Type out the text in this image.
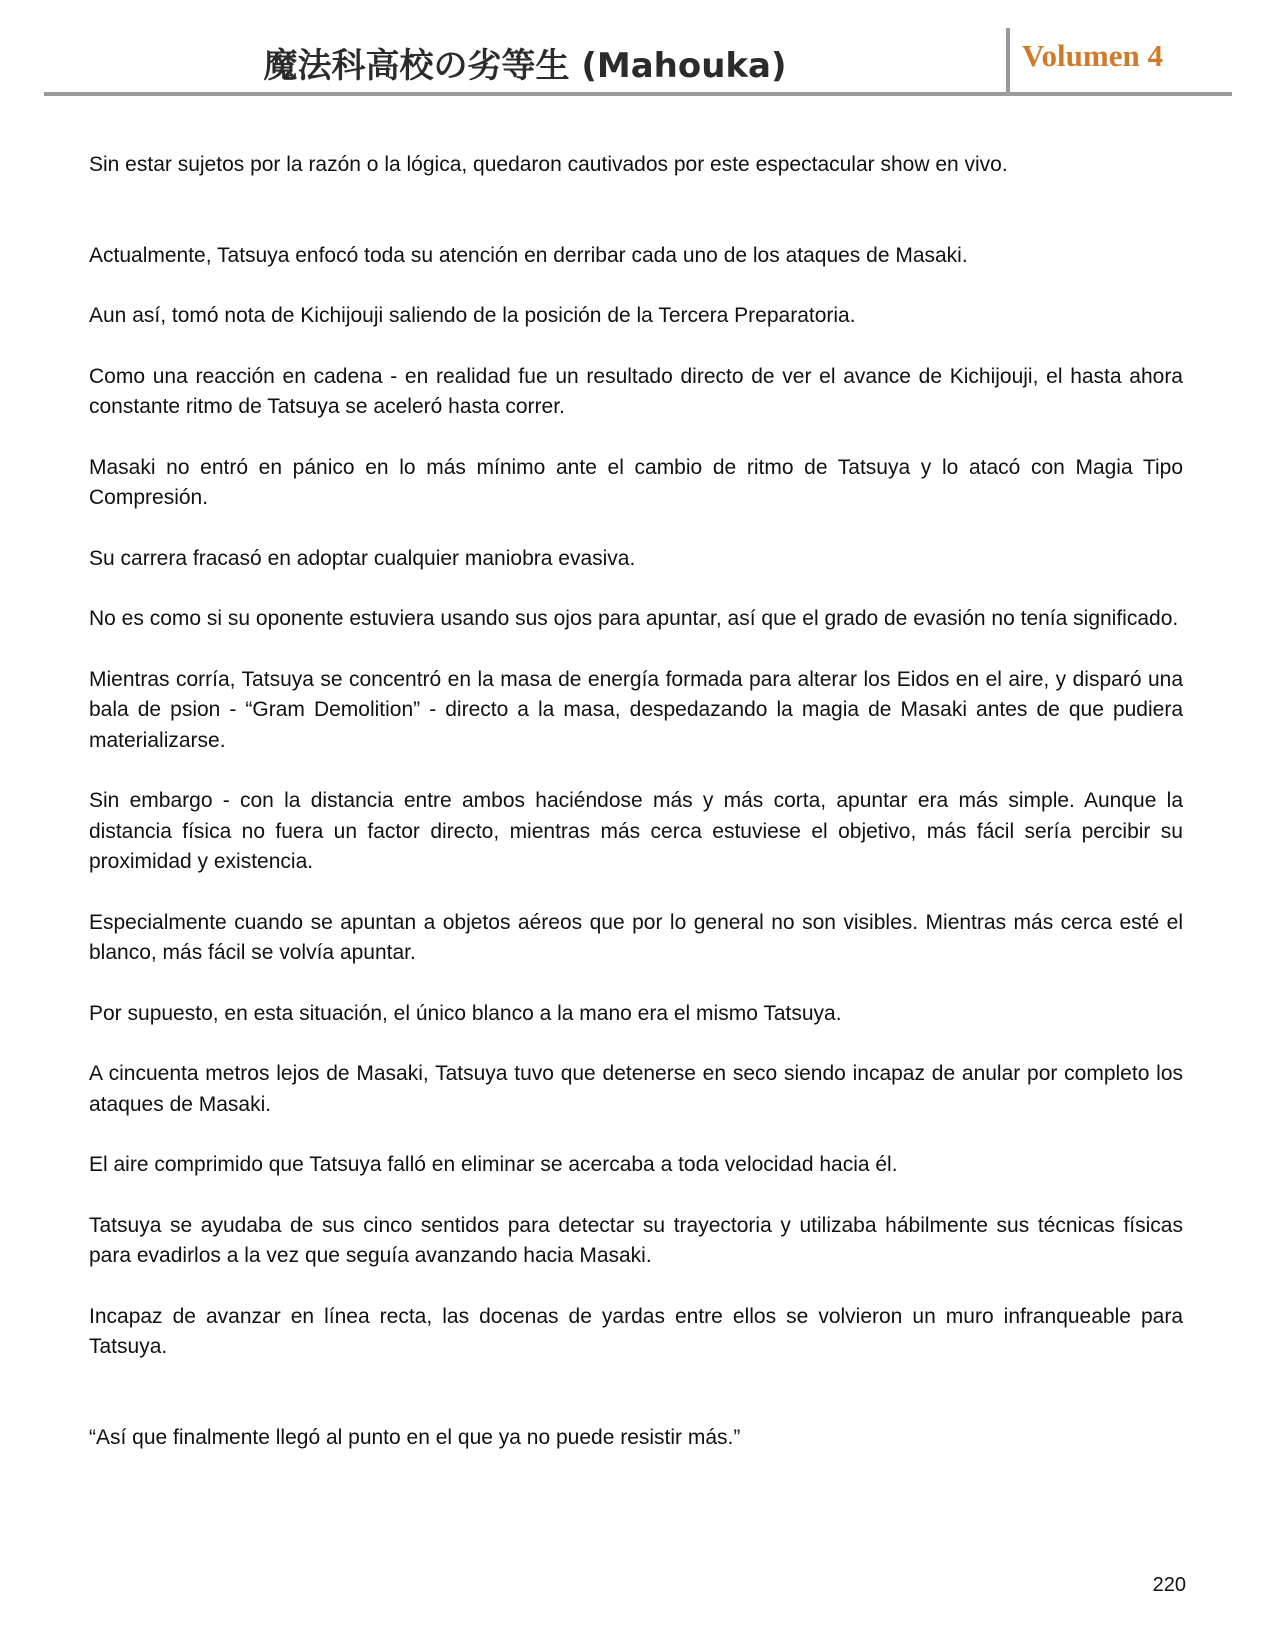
魔法科高校の劣等生 (Mahouka)	Volumen 4

Sin estar sujetos por la razón o la lógica, quedaron cautivados por este espectacular show en vivo.

Actualmente, Tatsuya enfocó toda su atención en derribar cada uno de los ataques de Masaki.

Aun así, tomó nota de Kichijouji saliendo de la posición de la Tercera Preparatoria.

Como una reacción en cadena - en realidad fue un resultado directo de ver el avance de Kichijouji, el hasta ahora constante ritmo de Tatsuya se aceleró hasta correr.

Masaki no entró en pánico en lo más mínimo ante el cambio de ritmo de Tatsuya y lo atacó con Magia Tipo Compresión.

Su carrera fracasó en adoptar cualquier maniobra evasiva.

No es como si su oponente estuviera usando sus ojos para apuntar, así que el grado de evasión no tenía significado.

Mientras corría, Tatsuya se concentró en la masa de energía formada para alterar los Eidos en el aire, y disparó una bala de psion - “Gram Demolition” - directo a la masa, despedazando la magia de Masaki antes de que pudiera materializarse.

Sin embargo - con la distancia entre ambos haciéndose más y más corta, apuntar era más simple. Aunque la distancia física no fuera un factor directo, mientras más cerca estuviese el objetivo, más fácil sería percibir su proximidad y existencia.

Especialmente cuando se apuntan a objetos aéreos que por lo general no son visibles. Mientras más cerca esté el blanco, más fácil se volvía apuntar.

Por supuesto, en esta situación, el único blanco a la mano era el mismo Tatsuya.

A cincuenta metros lejos de Masaki, Tatsuya tuvo que detenerse en seco siendo incapaz de anular por completo los ataques de Masaki.

El aire comprimido que Tatsuya falló en eliminar se acercaba a toda velocidad hacia él.

Tatsuya se ayudaba de sus cinco sentidos para detectar su trayectoria y utilizaba hábilmente sus técnicas físicas para evadirlos a la vez que seguía avanzando hacia Masaki.

Incapaz de avanzar en línea recta, las docenas de yardas entre ellos se volvieron un muro infranqueable para Tatsuya.

“Así que finalmente llegó al punto en el que ya no puede resistir más.”

220
